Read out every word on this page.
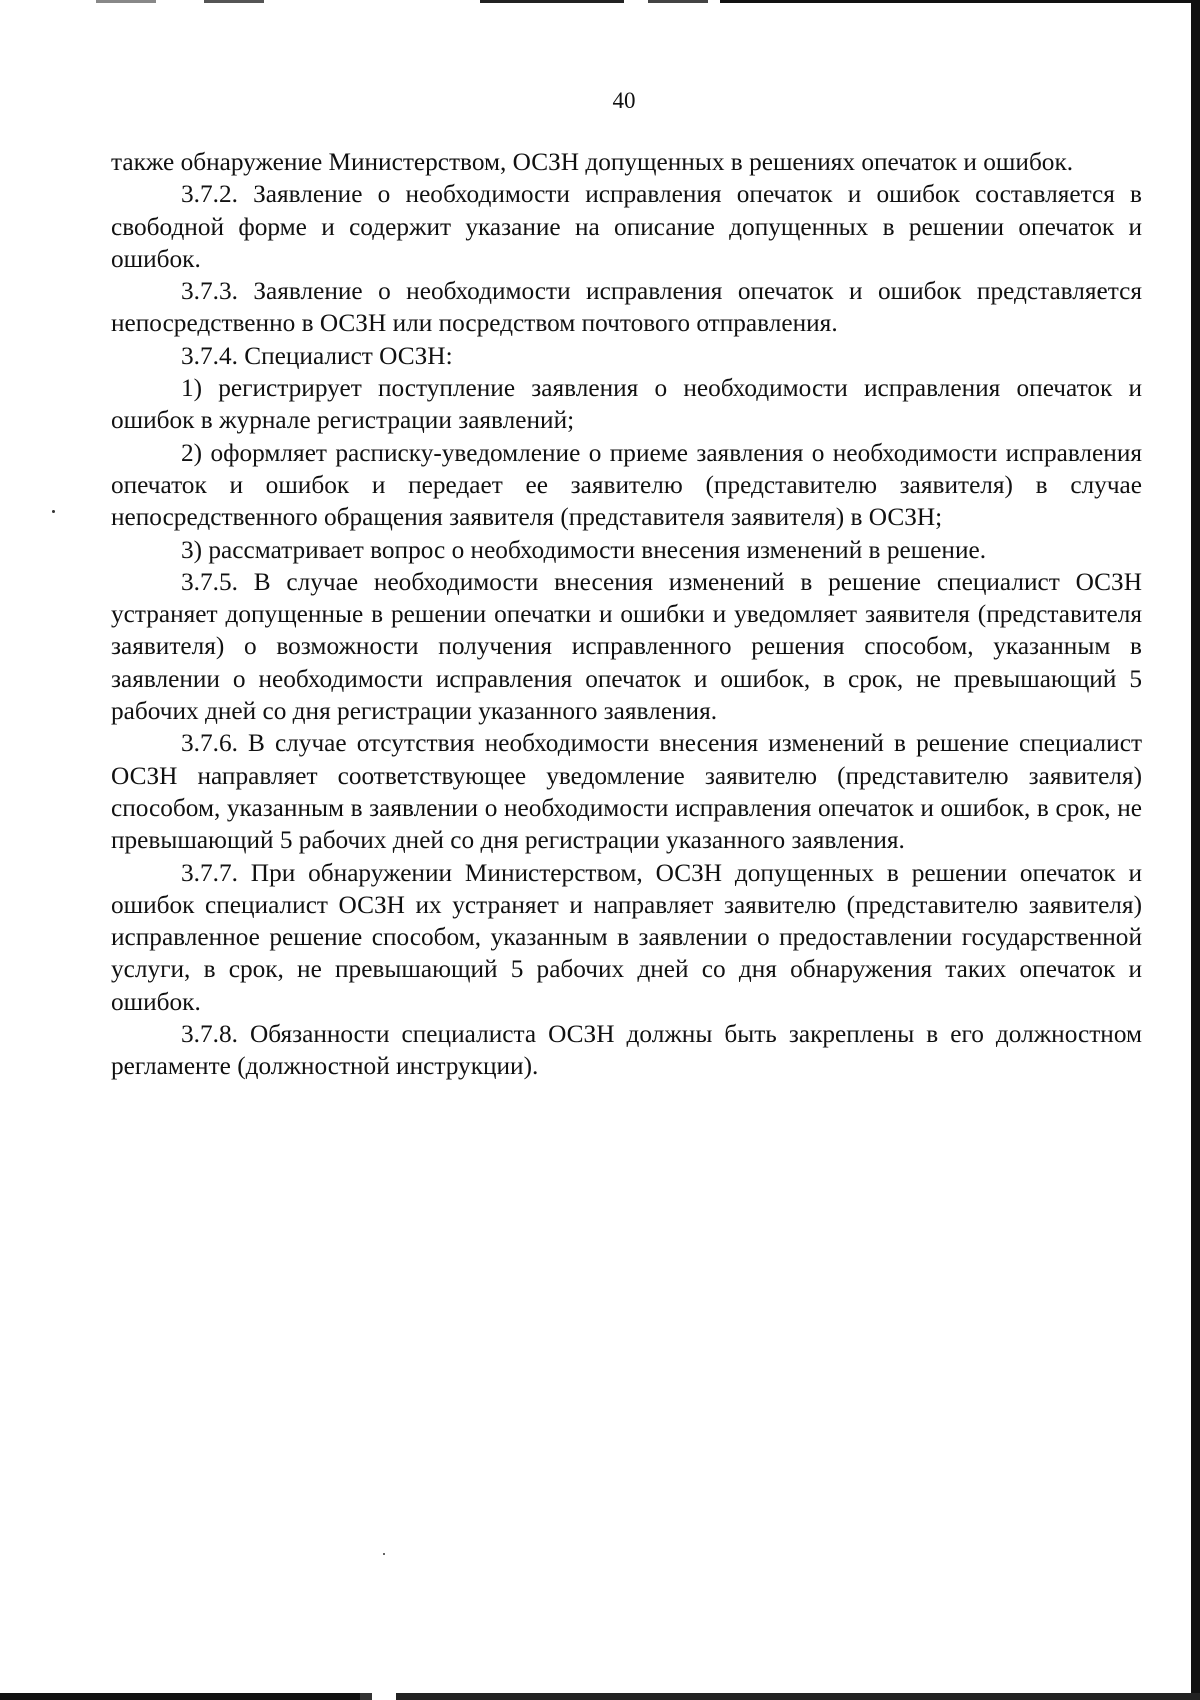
40

также обнаружение Министерством, ОСЗН допущенных в решениях опечаток и ошибок.

3.7.2. Заявление о необходимости исправления опечаток и ошибок составляется в свободной форме и содержит указание на описание допущенных в решении опечаток и ошибок.

3.7.3. Заявление о необходимости исправления опечаток и ошибок представляется непосредственно в ОСЗН или посредством почтового отправления.

3.7.4. Специалист ОСЗН:

1) регистрирует поступление заявления о необходимости исправления опечаток и ошибок в журнале регистрации заявлений;

2) оформляет расписку-уведомление о приеме заявления о необходимости исправления опечаток и ошибок и передает ее заявителю (представителю заявителя) в случае непосредственного обращения заявителя (представителя заявителя) в ОСЗН;

3) рассматривает вопрос о необходимости внесения изменений в решение.

3.7.5. В случае необходимости внесения изменений в решение специалист ОСЗН устраняет допущенные в решении опечатки и ошибки и уведомляет заявителя (представителя заявителя) о возможности получения исправленного решения способом, указанным в заявлении о необходимости исправления опечаток и ошибок, в срок, не превышающий 5 рабочих дней со дня регистрации указанного заявления.

3.7.6. В случае отсутствия необходимости внесения изменений в решение специалист ОСЗН направляет соответствующее уведомление заявителю (представителю заявителя) способом, указанным в заявлении о необходимости исправления опечаток и ошибок, в срок, не превышающий 5 рабочих дней со дня регистрации указанного заявления.

3.7.7. При обнаружении Министерством, ОСЗН допущенных в решении опечаток и ошибок специалист ОСЗН их устраняет и направляет заявителю (представителю заявителя) исправленное решение способом, указанным в заявлении о предоставлении государственной услуги, в срок, не превышающий 5 рабочих дней со дня обнаружения таких опечаток и ошибок.

3.7.8. Обязанности специалиста ОСЗН должны быть закреплены в его должностном регламенте (должностной инструкции).
